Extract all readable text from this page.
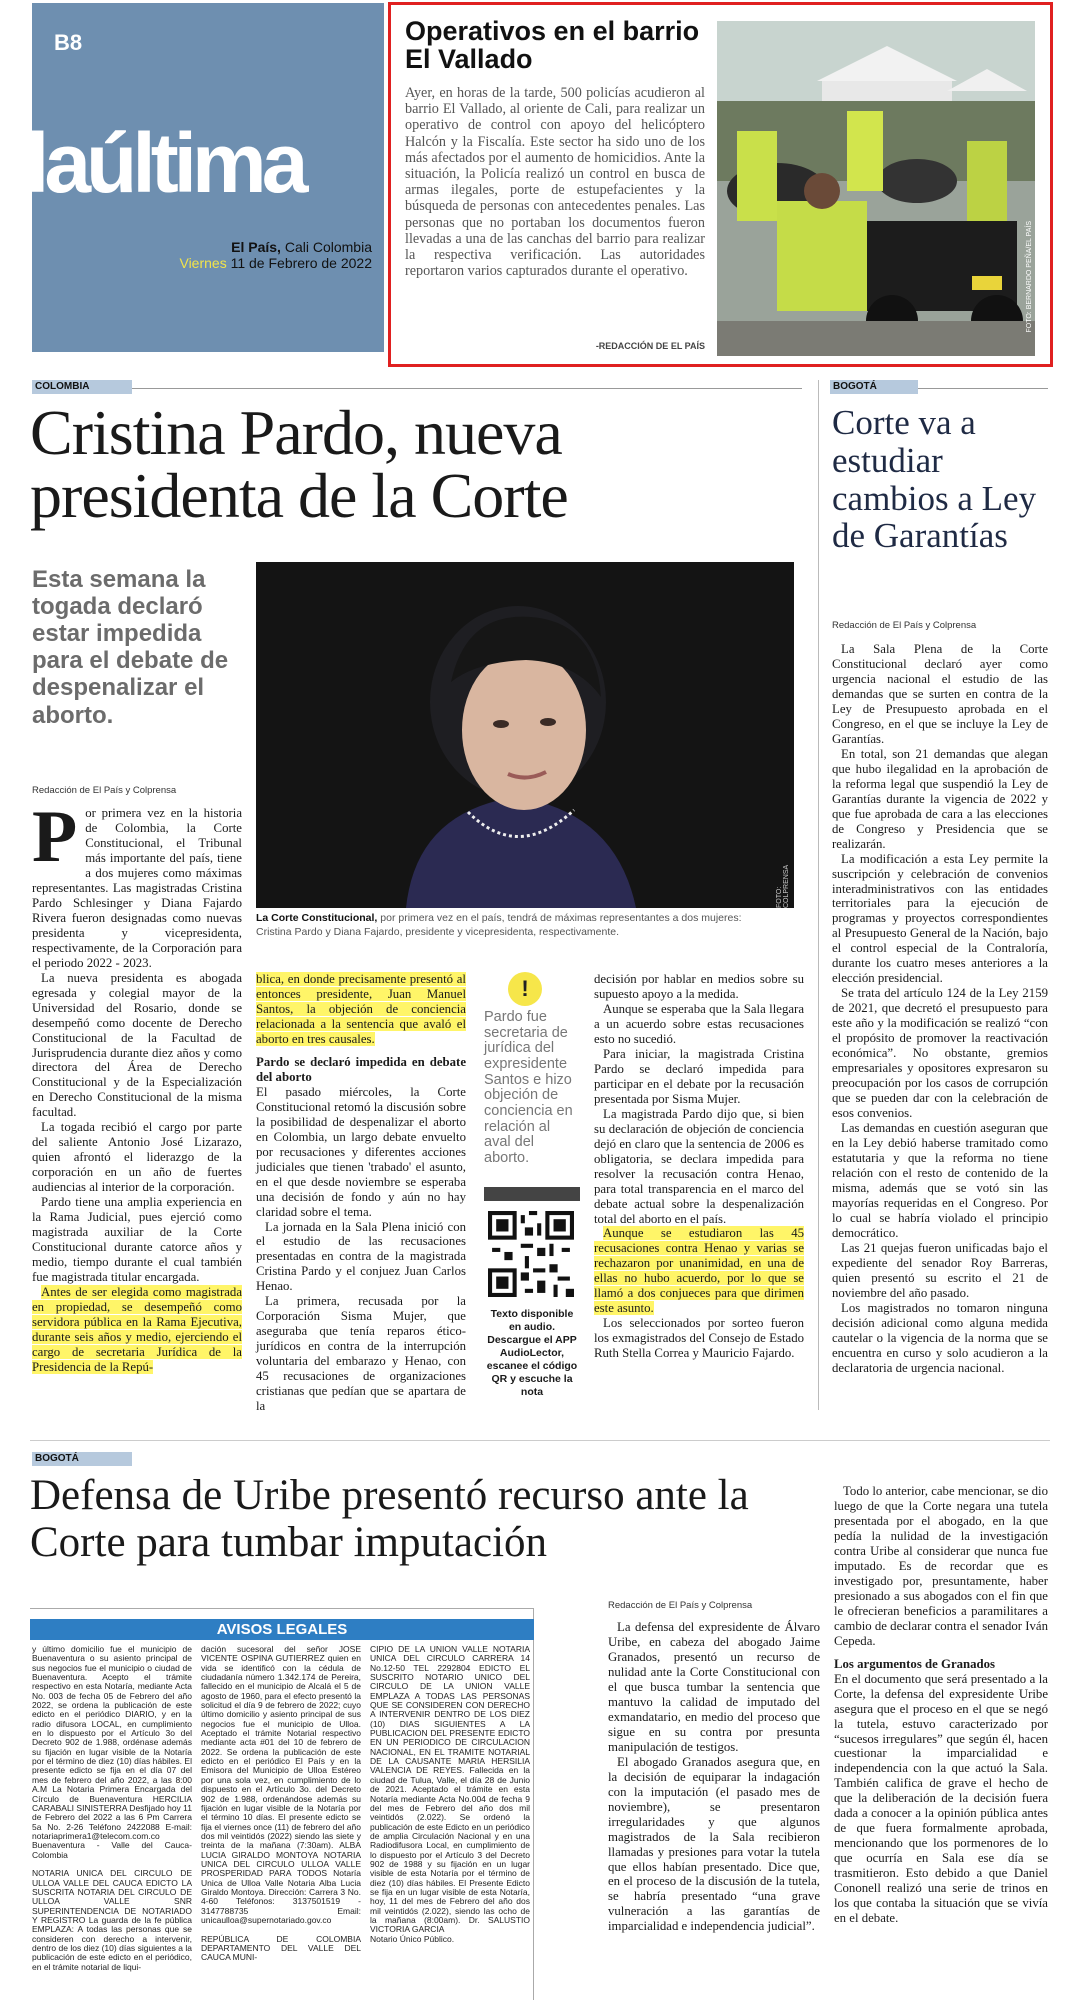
B8
laúltima
El País, Cali Colombia
Viernes 11 de Febrero de 2022
Operativos en el barrio El Vallado
Ayer, en horas de la tarde, 500 policías acudieron al barrio El Vallado, al oriente de Cali, para realizar un operativo de control con apoyo del helicóptero Halcón y la Fiscalía. Este sector ha sido uno de los más afectados por el aumento de homicidios. Ante la situación, la Policía realizó un control en busca de armas ilegales, porte de estupefacientes y la búsqueda de personas con antecedentes penales. Las personas que no portaban los documentos fueron llevadas a una de las canchas del barrio para realizar la respectiva verificación. Las autoridades reportaron varios capturados durante el operativo.
-REDACCIÓN DE EL PAÍS
FOTO: BERNARDO PEÑA/EL PAÍS
COLOMBIA
Cristina Pardo, nueva presidenta de la Corte
Esta semana la togada declaró estar impedida para el debate de despenalizar el aborto.
Redacción de El País y Colprensa
FOTO: COLPRENSA
La Corte Constitucional, por primera vez en el país, tendrá de máximas representantes a dos mujeres: Cristina Pardo y Diana Fajardo, presidente y vicepresidenta, respectivamente.

Por primera vez en la historia de Colombia, la Corte Constitucional, el Tribunal más importante del país, tiene a dos mujeres como máximas representantes. Las magistradas Cristina Pardo Schlesinger y Diana Fajardo Rivera fueron designadas como nuevas presidenta y vicepresidenta, respectivamente, de la Corporación para el periodo 2022 - 2023.

La nueva presidenta es abogada egresada y colegial mayor de la Universidad del Rosario, donde se desempeñó como docente de Derecho Constitucional de la Facultad de Jurisprudencia durante diez años y como directora del Área de Derecho Constitucional y de la Especialización en Derecho Constitucional de la misma facultad.

La togada recibió el cargo por parte del saliente Antonio José Lizarazo, quien afrontó el liderazgo de la corporación en un año de fuertes audiencias al interior de la corporación.

Pardo tiene una amplia experiencia en la Rama Judicial, pues ejerció como magistrada auxiliar de la Corte Constitucional durante catorce años y medio, tiempo durante el cual también fue magistrada titular encargada.

Antes de ser elegida como magistrada en propiedad, se desempeñó como servidora pública en la Rama Ejecutiva, durante seis años y medio, ejerciendo el cargo de secretaria Jurídica de la Presidencia de la Repú-

blica, en donde precisamente presentó al entonces presidente, Juan Manuel Santos, la objeción de conciencia relacionada a la sentencia que avaló el aborto en tres causales.

Pardo se declaró impedida en debate del aborto

El pasado miércoles, la Corte Constitucional retomó la discusión sobre la posibilidad de despenalizar el aborto en Colombia, un largo debate envuelto por recusaciones y diferentes acciones judiciales que tienen 'trabado' el asunto, en el que desde noviembre se esperaba una decisión de fondo y aún no hay claridad sobre el tema.

La jornada en la Sala Plena inició con el estudio de las recusaciones presentadas en contra de la magistrada Cristina Pardo y el conjuez Juan Carlos Henao.

La primera, recusada por la Corporación Sisma Mujer, que aseguraba que tenía reparos ético-jurídicos en contra de la interrupción voluntaria del embarazo y Henao, con 45 recusaciones de organizaciones cristianas que pedían que se apartara de la

!
Pardo fue secretaria de jurídica del expresidente Santos e hizo objeción de conciencia en relación al aval del aborto.
Texto disponible en audio. Descargue el APP AudioLector, escanee el código QR y escuche la nota

decisión por hablar en medios sobre su supuesto apoyo a la medida.

Aunque se esperaba que la Sala llegara a un acuerdo sobre estas recusaciones esto no sucedió.

Para iniciar, la magistrada Cristina Pardo se declaró impedida para participar en el debate por la recusación presentada por Sisma Mujer.

La magistrada Pardo dijo que, si bien su declaración de objeción de conciencia dejó en claro que la sentencia de 2006 es obligatoria, se declara impedida para resolver la recusación contra Henao, para total transparencia en el marco del debate actual sobre la despenalización total del aborto en el país.

Aunque se estudiaron las 45 recusaciones contra Henao y varias se rechazaron por unanimidad, en una de ellas no hubo acuerdo, por lo que se llamó a dos conjueces para que dirimen este asunto.

Los seleccionados por sorteo fueron los exmagistrados del Consejo de Estado Ruth Stella Correa y Mauricio Fajardo.

BOGOTÁ
Corte va a estudiar cambios a Ley de Garantías
Redacción de El País y Colprensa

La Sala Plena de la Corte Constitucional declaró ayer como urgencia nacional el estudio de las demandas que se surten en contra de la Ley de Presupuesto aprobada en el Congreso, en el que se incluye la Ley de Garantías.

En total, son 21 demandas que alegan que hubo ilegalidad en la aprobación de la reforma legal que suspendió la Ley de Garantías durante la vigencia de 2022 y que fue aprobada de cara a las elecciones de Congreso y Presidencia que se realizarán.

La modificación a esta Ley permite la suscripción y celebración de convenios interadministrativos con las entidades territoriales para la ejecución de programas y proyectos correspondientes al Presupuesto General de la Nación, bajo el control especial de la Contraloría, durante los cuatro meses anteriores a la elección presidencial.

Se trata del artículo 124 de la Ley 2159 de 2021, que decretó el presupuesto para este año y la modificación se realizó “con el propósito de promover la reactivación económica”. No obstante, gremios empresariales y opositores expresaron su preocupación por los casos de corrupción que se pueden dar con la celebración de esos convenios.

Las demandas en cuestión aseguran que en la Ley debió haberse tramitado como estatutaria y que la reforma no tiene relación con el resto de contenido de la misma, además que se votó sin las mayorías requeridas en el Congreso. Por lo cual se habría violado el principio democrático.

Las 21 quejas fueron unificadas bajo el expediente del senador Roy Barreras, quien presentó su escrito el 21 de noviembre del año pasado.

Los magistrados no tomaron ninguna decisión adicional como alguna medida cautelar o la vigencia de la norma que se encuentra en curso y solo acudieron a la declaratoria de urgencia nacional.

BOGOTÁ
Defensa de Uribe presentó recurso ante la Corte para tumbar imputación
Redacción de El País y Colprensa

La defensa del expresidente de Álvaro Uribe, en cabeza del abogado Jaime Granados, presentó un recurso de nulidad ante la Corte Constitucional con el que busca tumbar la sentencia que mantuvo la calidad de imputado del exmandatario, en medio del proceso que sigue en su contra por presunta manipulación de testigos.

El abogado Granados asegura que, en la decisión de equiparar la indagación con la imputación (el pasado mes de noviembre), se presentaron irregularidades y que algunos magistrados de la Sala recibieron llamadas y presiones para votar la tutela que ellos habían presentado. Dice que, en el proceso de la discusión de la tutela, se habría presentado “una grave vulneración a las garantías de imparcialidad e independencia judicial”.

Todo lo anterior, cabe mencionar, se dio luego de que la Corte negara una tutela presentada por el abogado, en la que pedía la nulidad de la investigación contra Uribe al considerar que nunca fue imputado. Es de recordar que es investigado por, presuntamente, haber presionado a sus abogados con el fin que le ofrecieran beneficios a paramilitares a cambio de declarar contra el senador Iván Cepeda.

Los argumentos de Granados

En el documento que será presentado a la Corte, la defensa del expresidente Uribe asegura que el proceso en el que se negó la tutela, estuvo caracterizado por “sucesos irregulares” que según él, hacen cuestionar la imparcialidad e independencia con la que actuó la Sala. También califica de grave el hecho de que la deliberación de la decisión fuera dada a conocer a la opinión pública antes de que fuera formalmente aprobada, mencionando que los pormenores de lo que ocurría en Sala ese día se trasmitieron. Esto debido a que Daniel Cononell realizó una serie de trinos en los que contaba la situación que se vivía en el debate.

AVISOS LEGALES
y último domicilio fue el municipio de Buenaventura o su asiento principal de sus negocios fue el municipio o ciudad de Buenaventura. Acepto el trámite respectivo en esta Notaría, mediante Acta No. 003 de fecha 05 de Febrero del año 2022, se ordena la publicación de este edicto en el periódico DIARIO, y en la radio difusora LOCAL, en cumplimiento en lo dispuesto por el Artículo 3o del Decreto 902 de 1.988, ordénase además su fijación en lugar visible de la Notaría por el término de diez (10) días hábiles. El presente edicto se fija en el día 07 del mes de febrero del año 2022, a las 8:00 A.M La Notaria Primera Encargada del Círculo de Buenaventura HERCILIA CARABALI SINISTERRA Desfijado hoy 11 de Febrero del 2022 a las 6 Pm Carrera 5a No. 2-26 Teléfono 2422088 E-mail: notariaprimera1@telecom.com.co Buenaventura - Valle del Cauca- Colombia

NOTARIA UNICA DEL CIRCULO DE ULLOA VALLE DEL CAUCA EDICTO LA SUSCRITA NOTARIA DEL CIRCULO DE ULLOA VALLE SNR SUPERINTENDENCIA DE NOTARIADO Y REGISTRO La guarda de la fe pública EMPLAZA: A todas las personas que se consideren con derecho a intervenir, dentro de los diez (10) días siguientes a la publicación de este edicto en el periódico, en el trámite notarial de liqui-
dación sucesoral del señor JOSE VICENTE OSPINA GUTIERREZ quien en vida se identificó con la cédula de ciudadanía número 1.342.174 de Pereira, fallecido en el municipio de Alcalá el 5 de agosto de 1960, para el efecto presentó la solicitud el día 9 de febrero de 2022; cuyo último domicilio y asiento principal de sus negocios fue el municipio de Ulloa. Aceptado el trámite Notarial respectivo mediante acta #01 del 10 de febrero de 2022. Se ordena la publicación de este edicto en el periódico El País y en la Emisora del Municipio de Ulloa Estéreo por una sola vez, en cumplimiento de lo dispuesto en el Artículo 3o. del Decreto 902 de 1.988, ordenándose además su fijación en lugar visible de la Notaría por el término 10 días. El presente edicto se fija el viernes once (11) de febrero del año dos mil veintidós (2022) siendo las siete y treinta de la mañana (7:30am). ALBA LUCIA GIRALDO MONTOYA NOTARIA UNICA DEL CIRCULO ULLOA VALLE PROSPERIDAD PARA TODOS Notaría Unica de Ulloa Valle Notaria Alba Lucia Giraldo Montoya. Dirección: Carrera 3 No. 4-60 Teléfonos: 3137501519 - 3147788735 Email: unicaulloa@supernotariado.gov.co

REPÚBLICA DE COLOMBIA DEPARTAMENTO DEL VALLE DEL CAUCA MUNI-
CIPIO DE LA UNION VALLE NOTARIA UNICA DEL CIRCULO CARRERA 14 No.12-50 TEL 2292804 EDICTO EL SUSCRITO NOTARIO UNICO DEL CIRCULO DE LA UNION VALLE EMPLAZA A TODAS LAS PERSONAS QUE SE CONSIDEREN CON DERECHO A INTERVENIR DENTRO DE LOS DIEZ (10) DIAS SIGUIENTES A LA PUBLICACION DEL PRESENTE EDICTO EN UN PERIODICO DE CIRCULACION NACIONAL, EN EL TRAMITE NOTARIAL DE LA CAUSANTE MARIA HERSILIA VALENCIA DE REYES. Fallecida en la ciudad de Tulua, Valle, el día 28 de Junio de 2021. Aceptado el trámite en esta Notaría mediante Acta No.004 de fecha 9 del mes de Febrero del año dos mil veintidós (2.022). Se ordenó la publicación de este Edicto en un periódico de amplia Circulación Nacional y en una Radiodifusora Local, en cumplimiento de lo dispuesto por el Artículo 3 del Decreto 902 de 1988 y su fijación en un lugar visible de esta Notaría por el término de diez (10) días hábiles. El Presente Edicto se fija en un lugar visible de esta Notaría, hoy, 11 del mes de Febrero del año dos mil veintidós (2.022), siendo las ocho de la mañana (8:00am). Dr. SALUSTIO VICTORIA GARCIA
Notario Único Público.
